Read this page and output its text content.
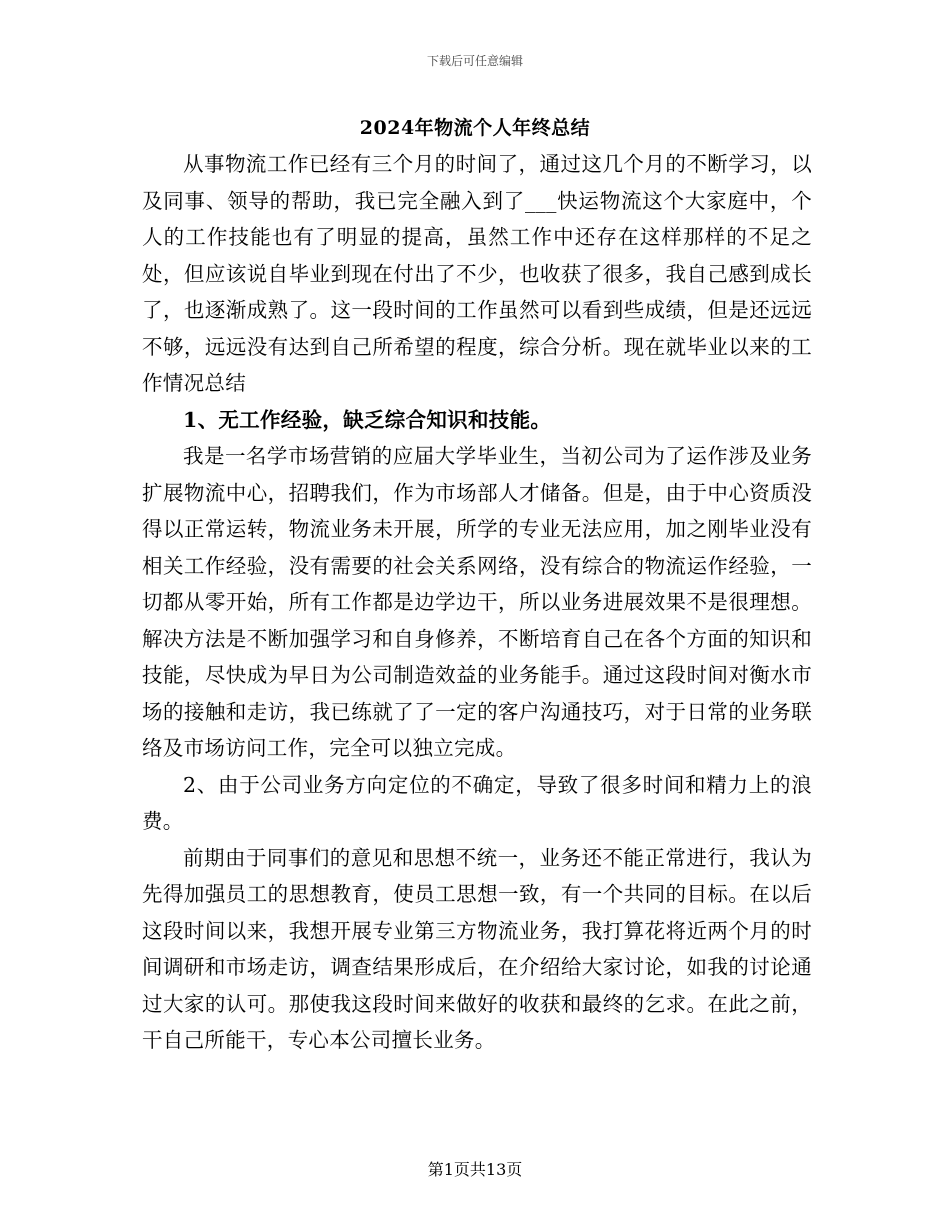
下载后可任意编辑
2024年物流个人年终总结

从事物流工作已经有三个月的时间了，通过这几个月的不断学习，以及同事、领导的帮助，我已完全融入到了___快运物流这个大家庭中，个人的工作技能也有了明显的提高，虽然工作中还存在这样那样的不足之处，但应该说自毕业到现在付出了不少，也收获了很多，我自己感到成长了，也逐渐成熟了。这一段时间的工作虽然可以看到些成绩，但是还远远不够，远远没有达到自己所希望的程度，综合分析。现在就毕业以来的工作情况总结

1、无工作经验，缺乏综合知识和技能。

我是一名学市场营销的应届大学毕业生，当初公司为了运作涉及业务扩展物流中心，招聘我们，作为市场部人才储备。但是，由于中心资质没得以正常运转，物流业务未开展，所学的专业无法应用，加之刚毕业没有相关工作经验，没有需要的社会关系网络，没有综合的物流运作经验，一切都从零开始，所有工作都是边学边干，所以业务进展效果不是很理想。解决方法是不断加强学习和自身修养，不断培育自己在各个方面的知识和技能，尽快成为早日为公司制造效益的业务能手。通过这段时间对衡水市场的接触和走访，我已练就了了一定的客户沟通技巧，对于日常的业务联络及市场访问工作，完全可以独立完成。

2、由于公司业务方向定位的不确定，导致了很多时间和精力上的浪费。

前期由于同事们的意见和思想不统一，业务还不能正常进行，我认为先得加强员工的思想教育，使员工思想一致，有一个共同的目标。在以后这段时间以来，我想开展专业第三方物流业务，我打算花将近两个月的时间调研和市场走访，调查结果形成后，在介绍给大家讨论，如我的讨论通过大家的认可。那使我这段时间来做好的收获和最终的乞求。在此之前，干自己所能干，专心本公司擅长业务。

第1页共13页
